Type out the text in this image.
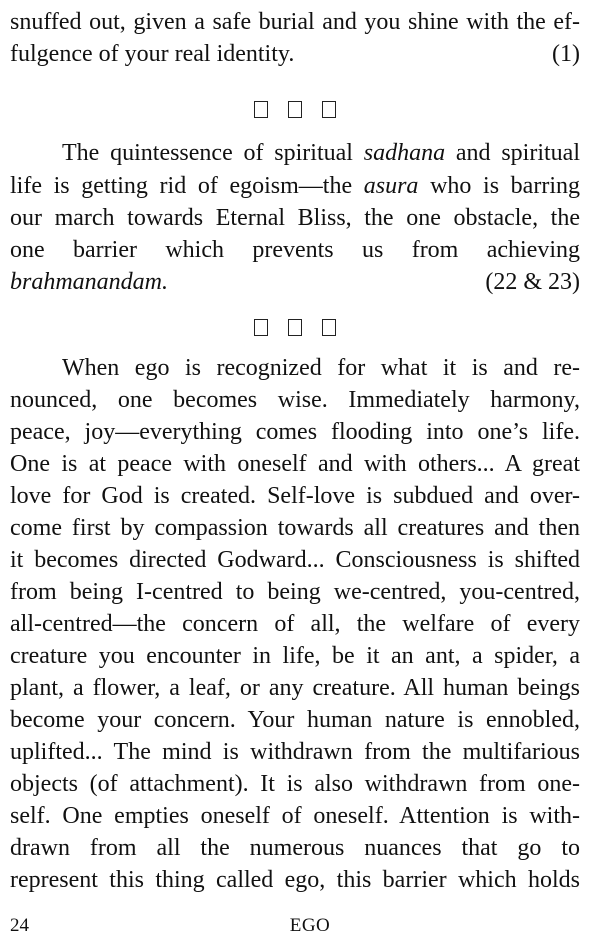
snuffed out, given a safe burial and you shine with the ef-
fulgence of your real identity.	(1)
The quintessence of spiritual sadhana and spiritual
life is getting rid of egoism—the asura who is barring
our march towards Eternal Bliss, the one obstacle, the
one barrier which prevents us from achieving
brahmanandam.	(22 & 23)
When ego is recognized for what it is and re-
nounced, one becomes wise. Immediately harmony,
peace, joy—everything comes flooding into one’s life.
One is at peace with oneself and with others... A great
love for God is created. Self-love is subdued and over-
come first by compassion towards all creatures and then
it becomes directed Godward... Consciousness is shifted
from being I-centred to being we-centred, you-centred,
all-centred—the concern of all, the welfare of every
creature you encounter in life, be it an ant, a spider, a
plant, a flower, a leaf, or any creature. All human beings
become your concern. Your human nature is ennobled,
uplifted... The mind is withdrawn from the multifarious
objects (of attachment). It is also withdrawn from one-
self. One empties oneself of oneself. Attention is with-
drawn from all the numerous nuances that go to
represent this thing called ego, this barrier which holds
24	EGO
